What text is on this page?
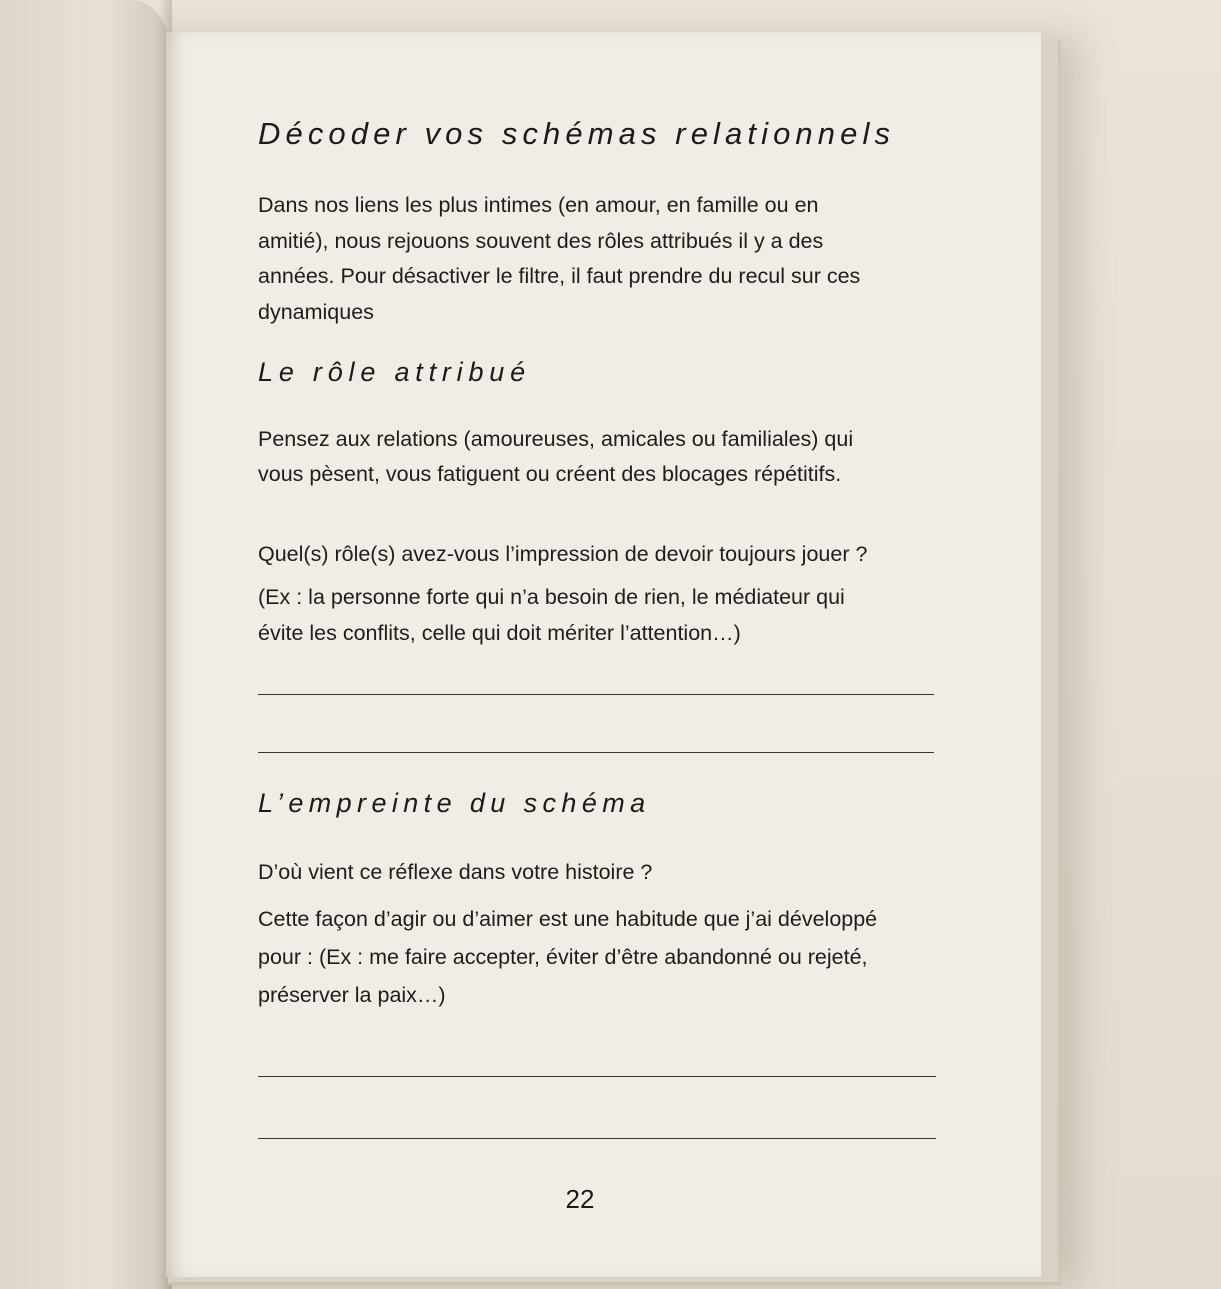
Décoder vos schémas relationnels

Dans nos liens les plus intimes (en amour, en famille ou en
amitié), nous rejouons souvent des rôles attribués il y a des
années. Pour désactiver le filtre, il faut prendre du recul sur ces
dynamiques

Le rôle attribué

Pensez aux relations (amoureuses, amicales ou familiales) qui
vous pèsent, vous fatiguent ou créent des blocages répétitifs.

Quel(s) rôle(s) avez-vous l’impression de devoir toujours jouer ?

(Ex : la personne forte qui n’a besoin de rien, le médiateur qui
évite les conflits, celle qui doit mériter l’attention…)

L’empreinte du schéma

D’où vient ce réflexe dans votre histoire ?

Cette façon d’agir ou d’aimer est une habitude que j’ai développé
pour : (Ex : me faire accepter, éviter d’être abandonné ou rejeté,
préserver la paix…)

22
